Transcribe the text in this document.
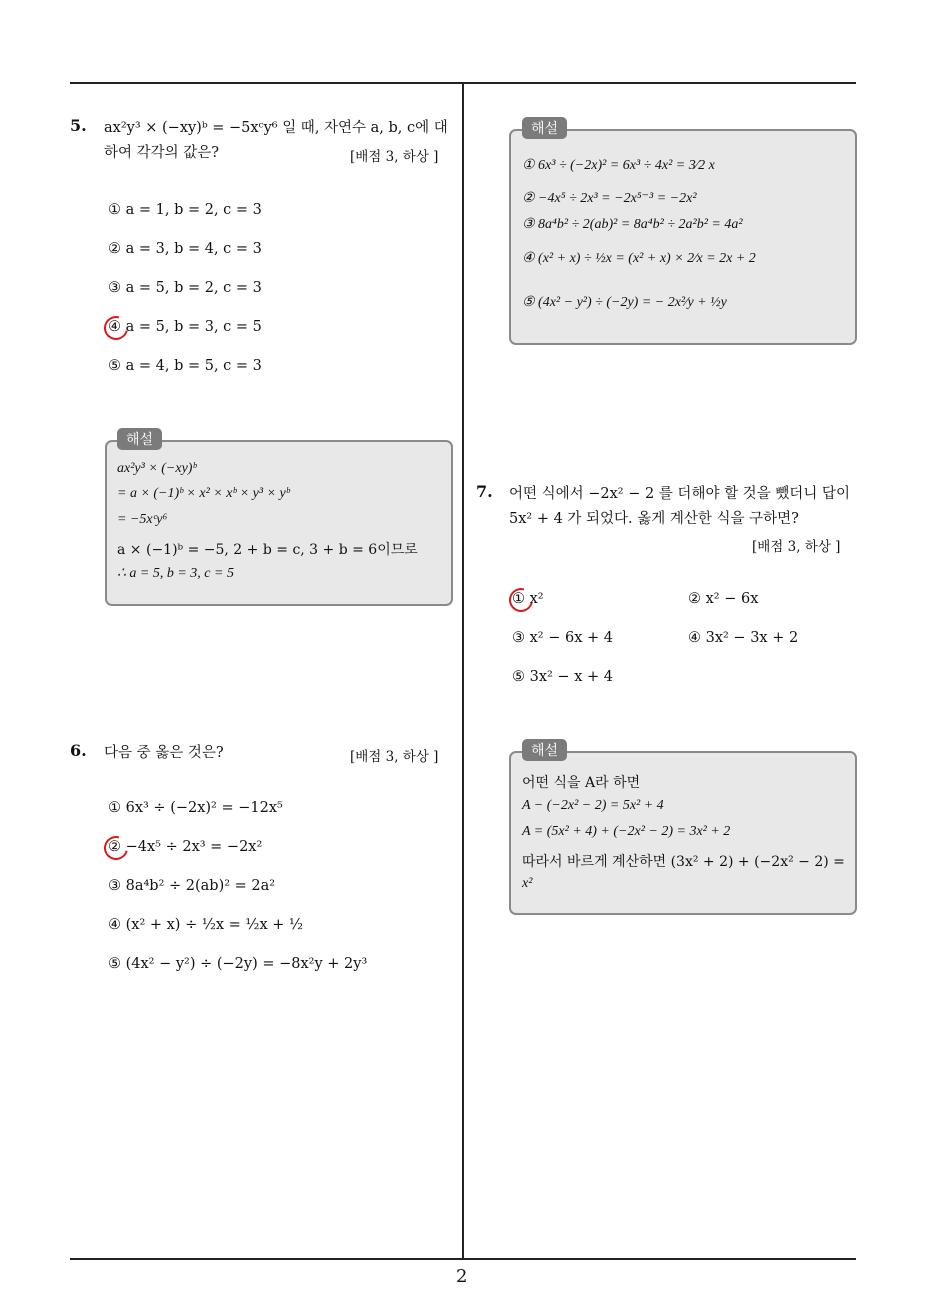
5. ax²y³ × (−xy)ᵇ = −5xᶜy⁶ 일 때, 자연수 a, b, c에 대
하여 각각의 값은?	[배점 3, 하상 ]
① a = 1, b = 2, c = 3
② a = 3, b = 4, c = 3
③ a = 5, b = 2, c = 3
④ a = 5, b = 3, c = 5
⑤ a = 4, b = 5, c = 3
해설
ax²y³ × (−xy)ᵇ
= a × (−1)ᵇ × x² × xᵇ × y³ × yᵇ
= −5xᶜy⁶
a × (−1)ᵇ = −5, 2 + b = c, 3 + b = 6이므로
∴ a = 5, b = 3, c = 5
6. 다음 중 옳은 것은?	[배점 3, 하상 ]
① 6x³ ÷ (−2x)² = −12x⁵
② −4x⁵ ÷ 2x³ = −2x²
③ 8a⁴b² ÷ 2(ab)² = 2a²
④ (x² + x) ÷ ½x = ½x + ½
⑤ (4x² − y²) ÷ (−2y) = −8x²y + 2y³
해설
① 6x³ ÷ (−2x)² = 6x³ ÷ 4x² = 3⁄2 x
② −4x⁵ ÷ 2x³ = −2x⁵⁻³ = −2x²
③ 8a⁴b² ÷ 2(ab)² = 8a⁴b² ÷ 2a²b² = 4a²
④ (x² + x) ÷ ½x = (x² + x) × 2⁄x = 2x + 2
⑤ (4x² − y²) ÷ (−2y) = − 2x²⁄y + ½y
7. 어떤 식에서 −2x² − 2 를 더해야 할 것을 뺐더니 답이
5x² + 4 가 되었다. 옳게 계산한 식을 구하면?
[배점 3, 하상 ]
① x²	② x² − 6x
③ x² − 6x + 4	④ 3x² − 3x + 2
⑤ 3x² − x + 4
해설
어떤 식을 A라 하면
A − (−2x² − 2) = 5x² + 4
A = (5x² + 4) + (−2x² − 2) = 3x² + 2
따라서 바르게 계산하면 (3x² + 2) + (−2x² − 2) =
x²
2
